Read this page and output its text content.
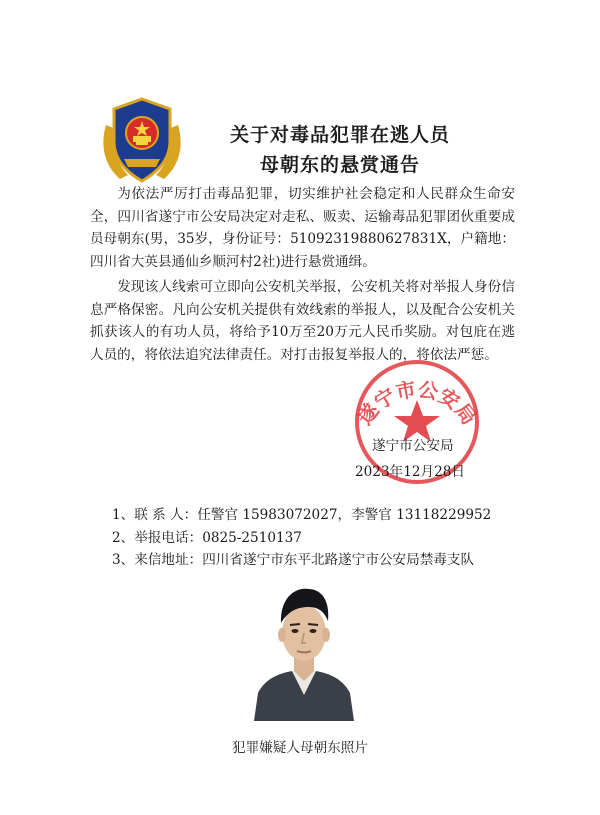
关于对毒品犯罪在逃人员
母朝东的悬赏通告

为依法严厉打击毒品犯罪，切实维护社会稳定和人民群众生命安全，四川省遂宁市公安局决定对走私、贩卖、运输毒品犯罪团伙重要成员母朝东(男，35岁，身份证号：51092319880627831X，户籍地：四川省大英县通仙乡顺河村2社)进行悬赏通缉。

发现该人线索可立即向公安机关举报，公安机关将对举报人身份信息严格保密。凡向公安机关提供有效线索的举报人，以及配合公安机关抓获该人的有功人员，将给予10万至20万元人民币奖励。对包庇在逃人员的，将依法追究法律责任。对打击报复举报人的，将依法严惩。

遂宁市公安局

遂宁市公安局

2023年12月28日

1、联 系 人：任警官 15983072027，李警官 13118229952
2、举报电话：0825-2510137
3、来信地址：四川省遂宁市东平北路遂宁市公安局禁毒支队

犯罪嫌疑人母朝东照片
